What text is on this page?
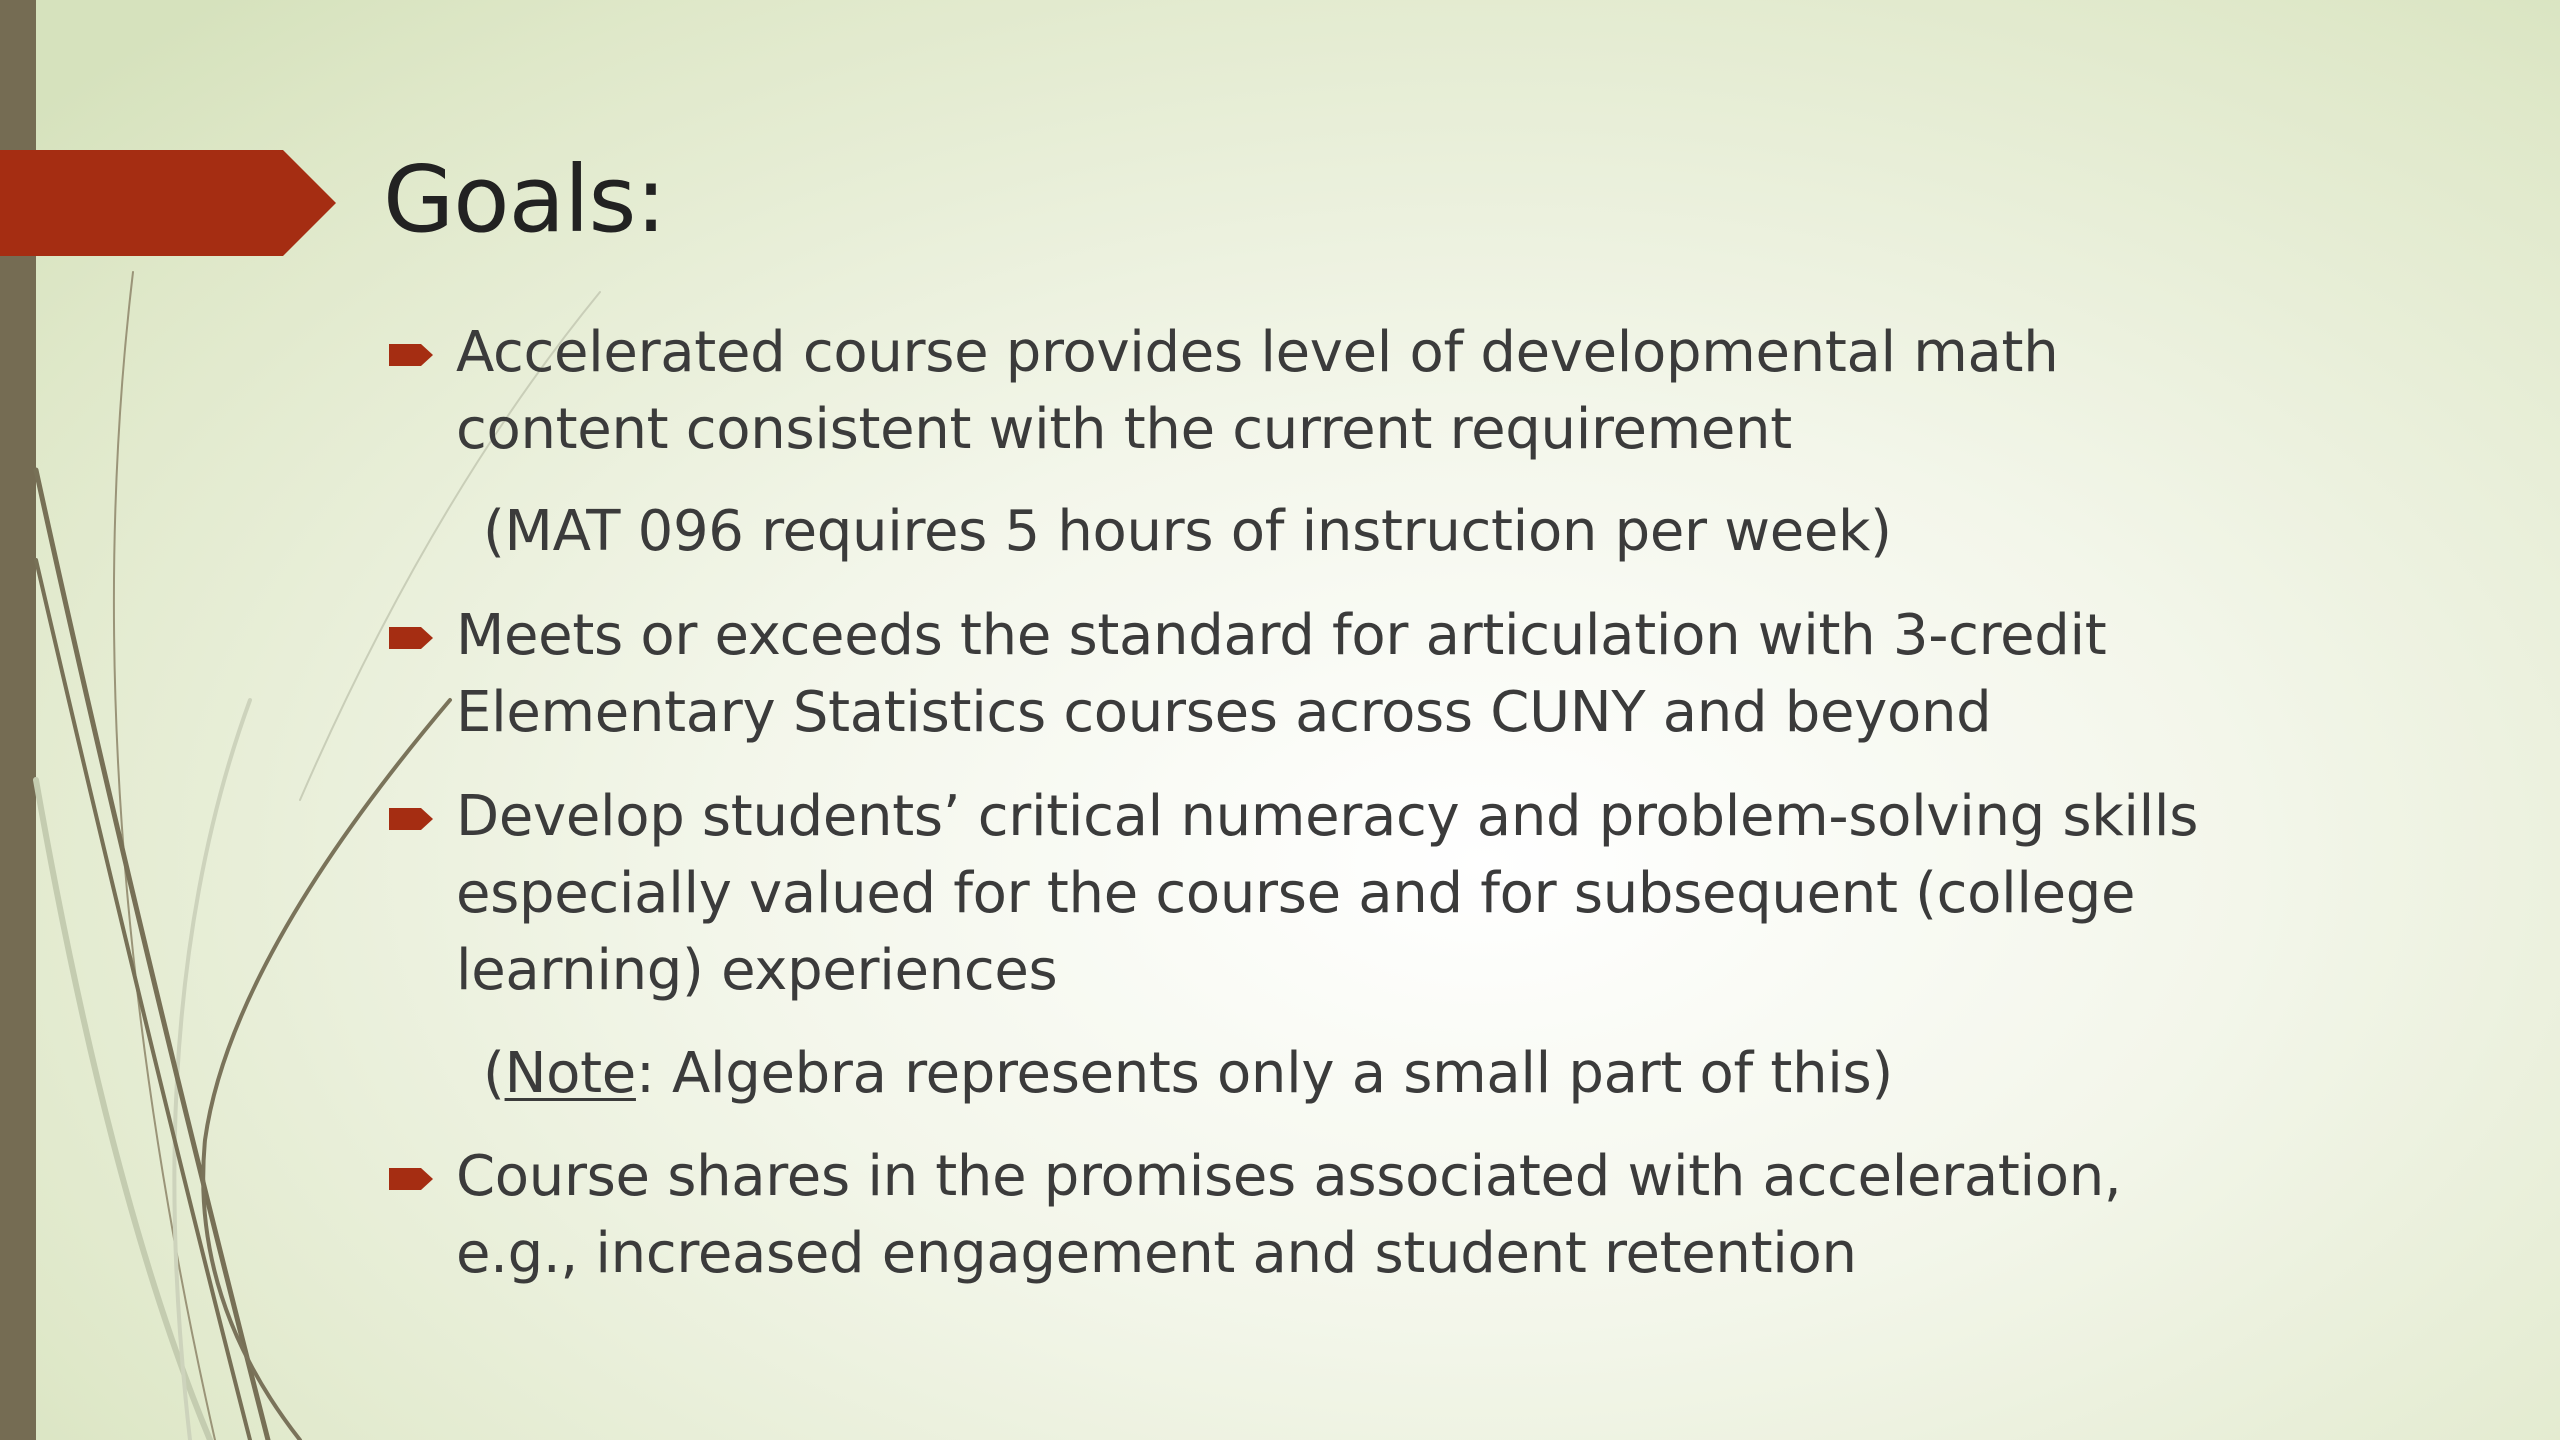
Goals:
Accelerated course provides level of developmental math
content consistent with the current requirement
(MAT 096 requires 5 hours of instruction per week)
Meets or exceeds the standard for articulation with 3-credit
Elementary Statistics courses across CUNY and beyond
Develop students’ critical numeracy and problem-solving skills
especially valued for the course and for subsequent (college
learning) experiences
(Note: Algebra represents only a small part of this)
Course shares in the promises associated with acceleration,
e.g., increased engagement and student retention
